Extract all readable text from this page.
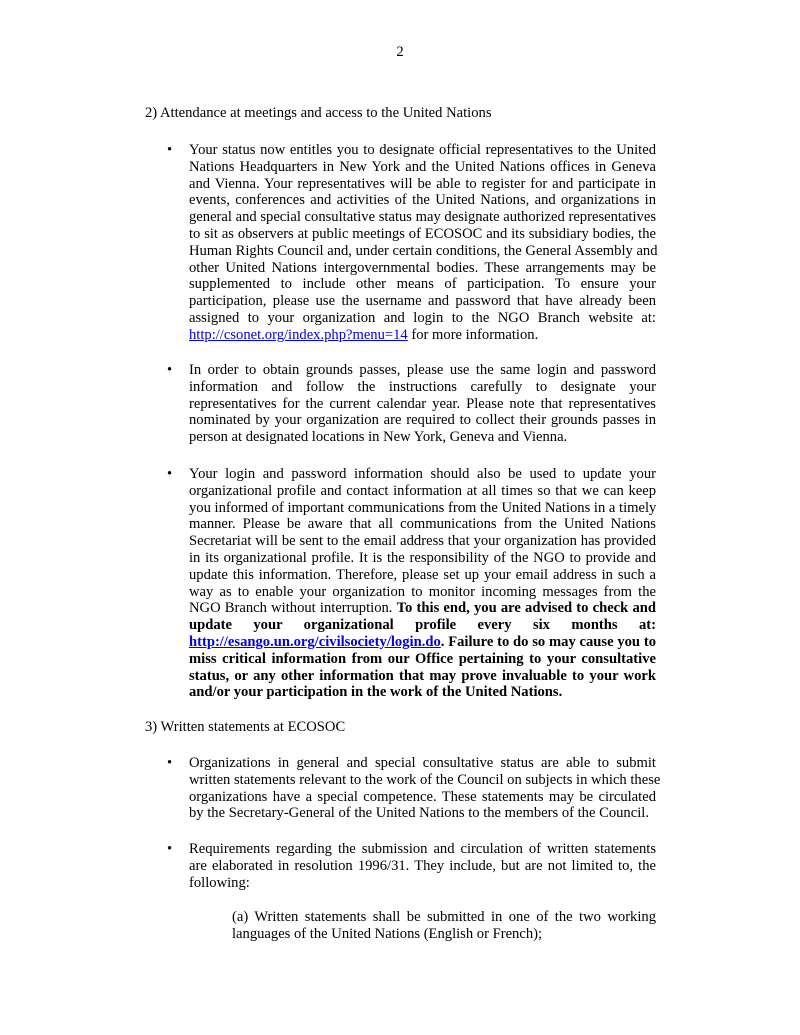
2
2) Attendance at meetings and access to the United Nations
•
Your status now entitles you to designate official representatives to the United
Nations Headquarters in New York and the United Nations offices in Geneva
and Vienna. Your representatives will be able to register for and participate in
events, conferences and activities of the United Nations, and organizations in
general and special consultative status may designate authorized representatives
to sit as observers at public meetings of ECOSOC and its subsidiary bodies, the
Human Rights Council and, under certain conditions, the General Assembly and
other United Nations intergovernmental bodies. These arrangements may be
supplemented to include other means of participation. To ensure your
participation, please use the username and password that have already been
assigned to your organization and login to the NGO Branch website at:
http://csonet.org/index.php?menu=14 for more information.
•
In order to obtain grounds passes, please use the same login and password
information and follow the instructions carefully to designate your
representatives for the current calendar year. Please note that representatives
nominated by your organization are required to collect their grounds passes in
person at designated locations in New York, Geneva and Vienna.
•
Your login and password information should also be used to update your
organizational profile and contact information at all times so that we can keep
you informed of important communications from the United Nations in a timely
manner. Please be aware that all communications from the United Nations
Secretariat will be sent to the email address that your organization has provided
in its organizational profile. It is the responsibility of the NGO to provide and
update this information. Therefore, please set up your email address in such a
way as to enable your organization to monitor incoming messages from the
NGO Branch without interruption. To this end, you are advised to check and
update your organizational profile every six months at:
http://esango.un.org/civilsociety/login.do. Failure to do so may cause you to
miss critical information from our Office pertaining to your consultative
status, or any other information that may prove invaluable to your work
and/or your participation in the work of the United Nations.
3) Written statements at ECOSOC
•
Organizations in general and special consultative status are able to submit
written statements relevant to the work of the Council on subjects in which these
organizations have a special competence. These statements may be circulated
by the Secretary-General of the United Nations to the members of the Council.
•
Requirements regarding the submission and circulation of written statements
are elaborated in resolution 1996/31. They include, but are not limited to, the
following:
(a) Written statements shall be submitted in one of the two working
languages of the United Nations (English or French);
